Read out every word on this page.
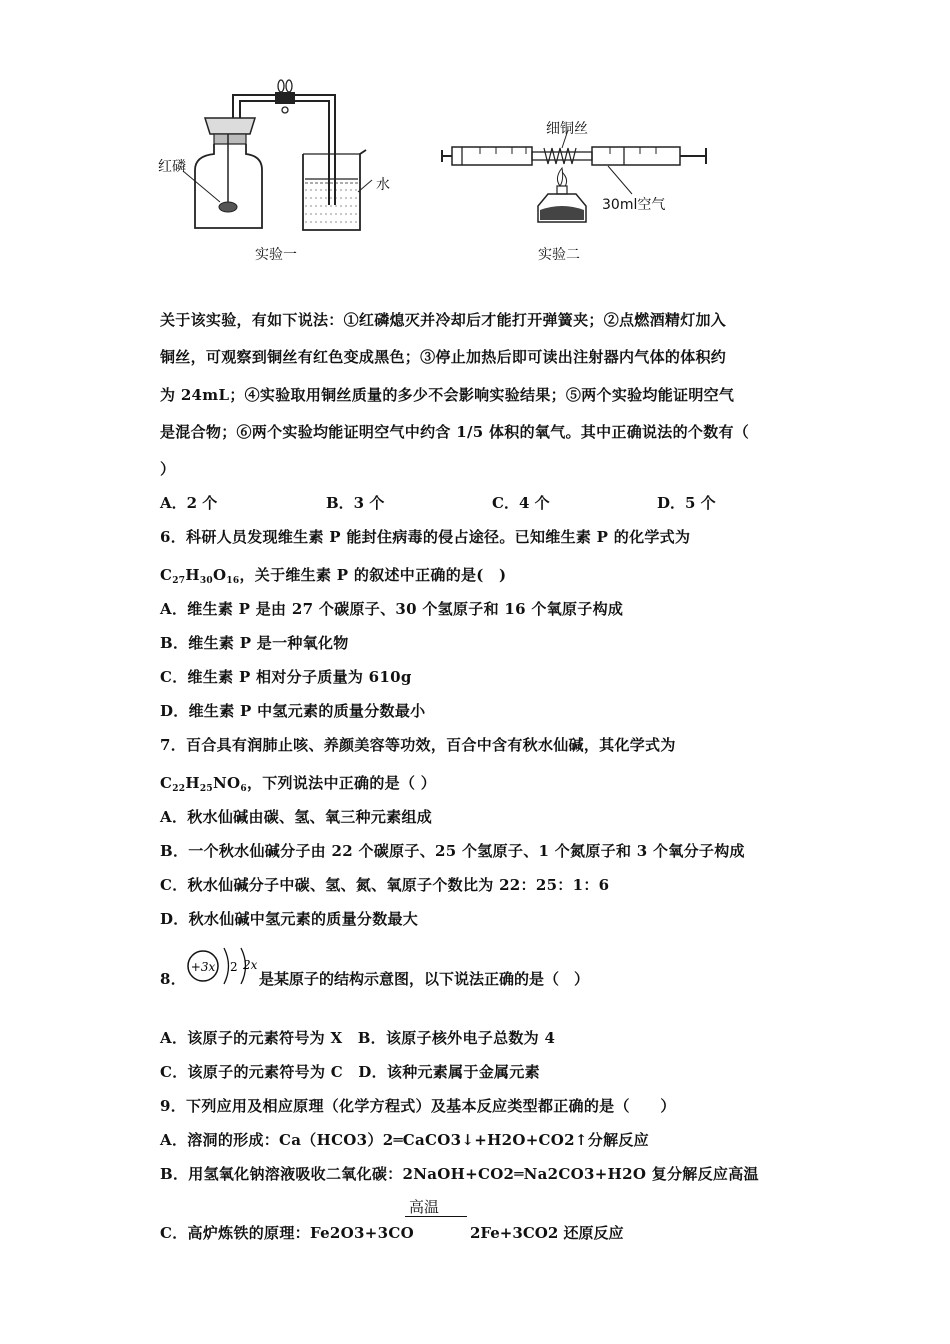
红磷
水
实验一
细铜丝
30ml空气
实验二
关于该实验，有如下说法：①红磷熄灭并冷却后才能打开弹簧夹；②点燃酒精灯加入
铜丝，可观察到铜丝有红色变成黑色；③停止加热后即可读出注射器内气体的体积约
为 24mL；④实验取用铜丝质量的多少不会影响实验结果；⑤两个实验均能证明空气
是混合物；⑥两个实验均能证明空气中约含 1/5 体积的氧气。其中正确说法的个数有（
）
A．2 个	B．3 个	C．4 个	D．5 个
6．科研人员发现维生素 P 能封住病毒的侵占途径。已知维生素 P 的化学式为
$C_{27}H_{30}O_{16}$，关于维生素 P 的叙述中正确的是(　)
A．维生素 P 是由 27 个碳原子、30 个氢原子和 16 个氧原子构成
B．维生素 P 是一种氧化物
C．维生素 P 相对分子质量为 610g
D．维生素 P 中氢元素的质量分数最小
7．百合具有润肺止咳、养颜美容等功效，百合中含有秋水仙碱，其化学式为
$C_{22}H_{25}NO_6$，下列说法中正确的是（ ）
A．秋水仙碱由碳、氢、氧三种元素组成
B．一个秋水仙碱分子由 22 个碳原子、25 个氢原子、1 个氮原子和 3 个氧分子构成
C．秋水仙碱分子中碳、氢、氮、氧原子个数比为 22：25：1：6
D．秋水仙碱中氢元素的质量分数最大
8．
+3x 2 2x
是某原子的结构示意图，以下说法正确的是（　）
A．该原子的元素符号为 X　B．该原子核外电子总数为 4
C．该原子的元素符号为 C　D．该种元素属于金属元素
9．下列应用及相应原理（化学方程式）及基本反应类型都正确的是（　　）
A．溶洞的形成：Ca（HCO3）2═CaCO3↓+H2O+CO2↑分解反应
B．用氢氧化钠溶液吸收二氧化碳：2NaOH+CO2═Na2CO3+H2O 复分解反应高温
高温
C．高炉炼铁的原理：Fe2O3+3CO	2Fe+3CO2 还原反应
